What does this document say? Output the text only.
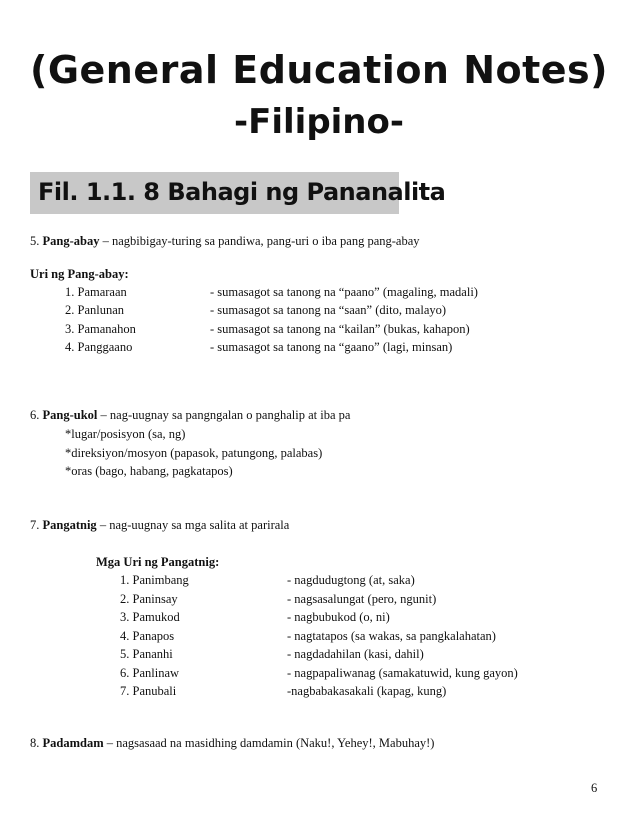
(General Education Notes)
-Filipino-
Fil. 1.1. 8 Bahagi ng Pananalita
5. Pang-abay – nagbibigay-turing sa pandiwa, pang-uri o iba pang pang-abay
Uri ng Pang-abay:
1. Pamaraan	- sumasagot sa tanong na “paano” (magaling, madali)
2. Panlunan	- sumasagot sa tanong na “saan” (dito, malayo)
3. Pamanahon	- sumasagot sa tanong na “kailan” (bukas, kahapon)
4. Panggaano	- sumasagot sa tanong na “gaano” (lagi, minsan)
6. Pang-ukol – nag-uugnay sa pangngalan o panghalip at iba pa
*lugar/posisyon (sa, ng)
*direksiyon/mosyon (papasok, patungong, palabas)
*oras (bago, habang, pagkatapos)
7. Pangatnig – nag-uugnay sa mga salita at parirala
Mga Uri ng Pangatnig:
1. Panimbang	- nagdudugtong (at, saka)
2. Paninsay	- nagsasalungat (pero, ngunit)
3. Pamukod	- nagbubukod (o, ni)
4. Panapos	- nagtatapos (sa wakas, sa pangkalahatan)
5. Pananhi	- nagdadahilan (kasi, dahil)
6. Panlinaw	- nagpapaliwanag (samakatuwid, kung gayon)
7. Panubali	-nagbabakasakali (kapag, kung)
8. Padamdam – nagsasaad na masidhing damdamin (Naku!, Yehey!, Mabuhay!)
6
